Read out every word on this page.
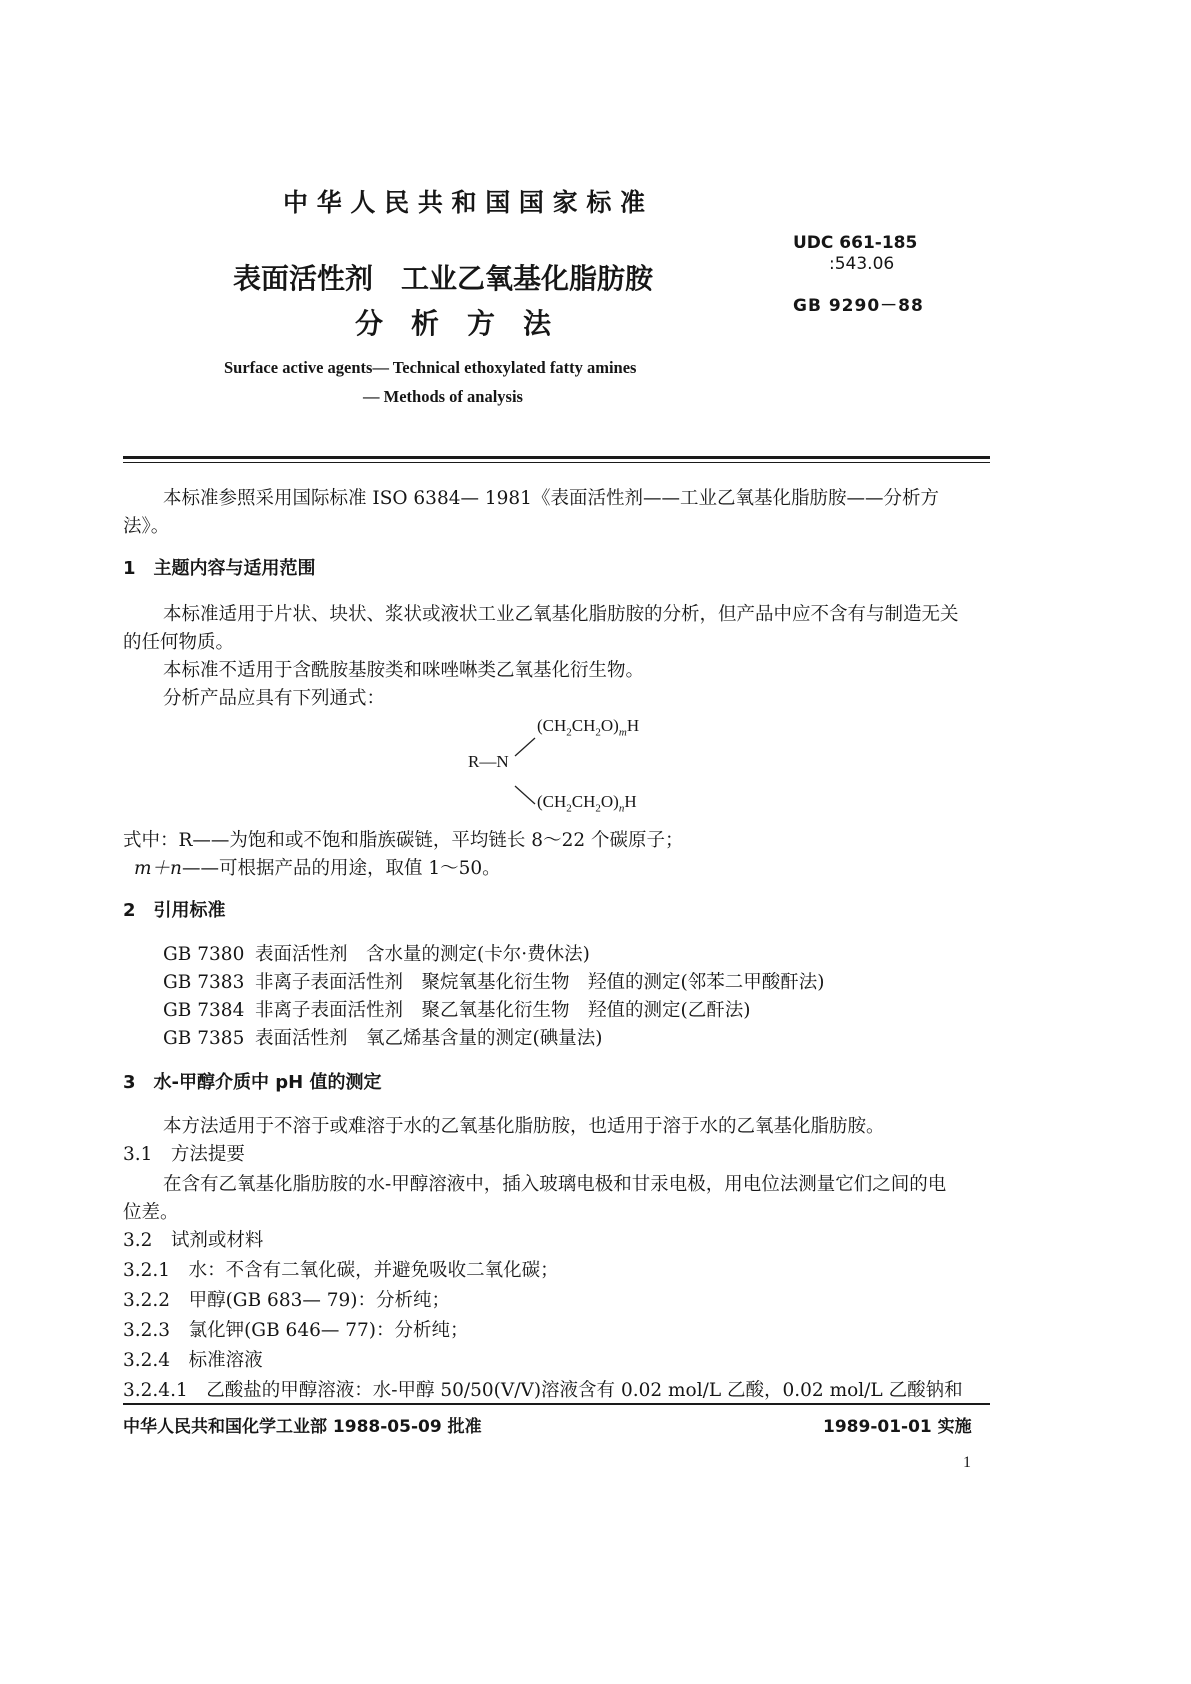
中 华 人 民 共 和 国 国 家 标 准
UDC 661-185
:543.06
GB 9290－88
表面活性剂　工业乙氧基化脂肪胺
分　析　方　法
Surface active agents— Technical ethoxylated fatty amines
— Methods of analysis
本标准参照采用国际标准 ISO 6384— 1981《表面活性剂——工业乙氧基化脂肪胺——分析方
法》。
1　主题内容与适用范围
本标准适用于片状、块状、浆状或液状工业乙氧基化脂肪胺的分析，但产品中应不含有与制造无关
的任何物质。
本标准不适用于含酰胺基胺类和咪唑啉类乙氧基化衍生物。
分析产品应具有下列通式：
$(CH_2CH_2O)_mH$
R—N
$(CH_2CH_2O)_nH$
式中：R——为饱和或不饱和脂族碳链，平均链长 8～22 个碳原子；
m＋n——可根据产品的用途，取值 1～50。
2　引用标准
GB 7380 表面活性剂　含水量的测定(卡尔·费休法)
GB 7383 非离子表面活性剂　聚烷氧基化衍生物　羟值的测定(邻苯二甲酸酐法)
GB 7384 非离子表面活性剂　聚乙氧基化衍生物　羟值的测定(乙酐法)
GB 7385 表面活性剂　氧乙烯基含量的测定(碘量法)
3　水-甲醇介质中 pH 值的测定
本方法适用于不溶于或难溶于水的乙氧基化脂肪胺，也适用于溶于水的乙氧基化脂肪胺。
3.1　方法提要
在含有乙氧基化脂肪胺的水-甲醇溶液中，插入玻璃电极和甘汞电极，用电位法测量它们之间的电
位差。
3.2　试剂或材料
3.2.1　水：不含有二氧化碳，并避免吸收二氧化碳；
3.2.2　甲醇(GB 683— 79)：分析纯；
3.2.3　氯化钾(GB 646— 77)：分析纯；
3.2.4　标准溶液
3.2.4.1　乙酸盐的甲醇溶液：水-甲醇 50/50(V/V)溶液含有 0.02 mol/L 乙酸，0.02 mol/L 乙酸钠和
中华人民共和国化学工业部 1988-05-09 批准	1989-01-01 实施
1
